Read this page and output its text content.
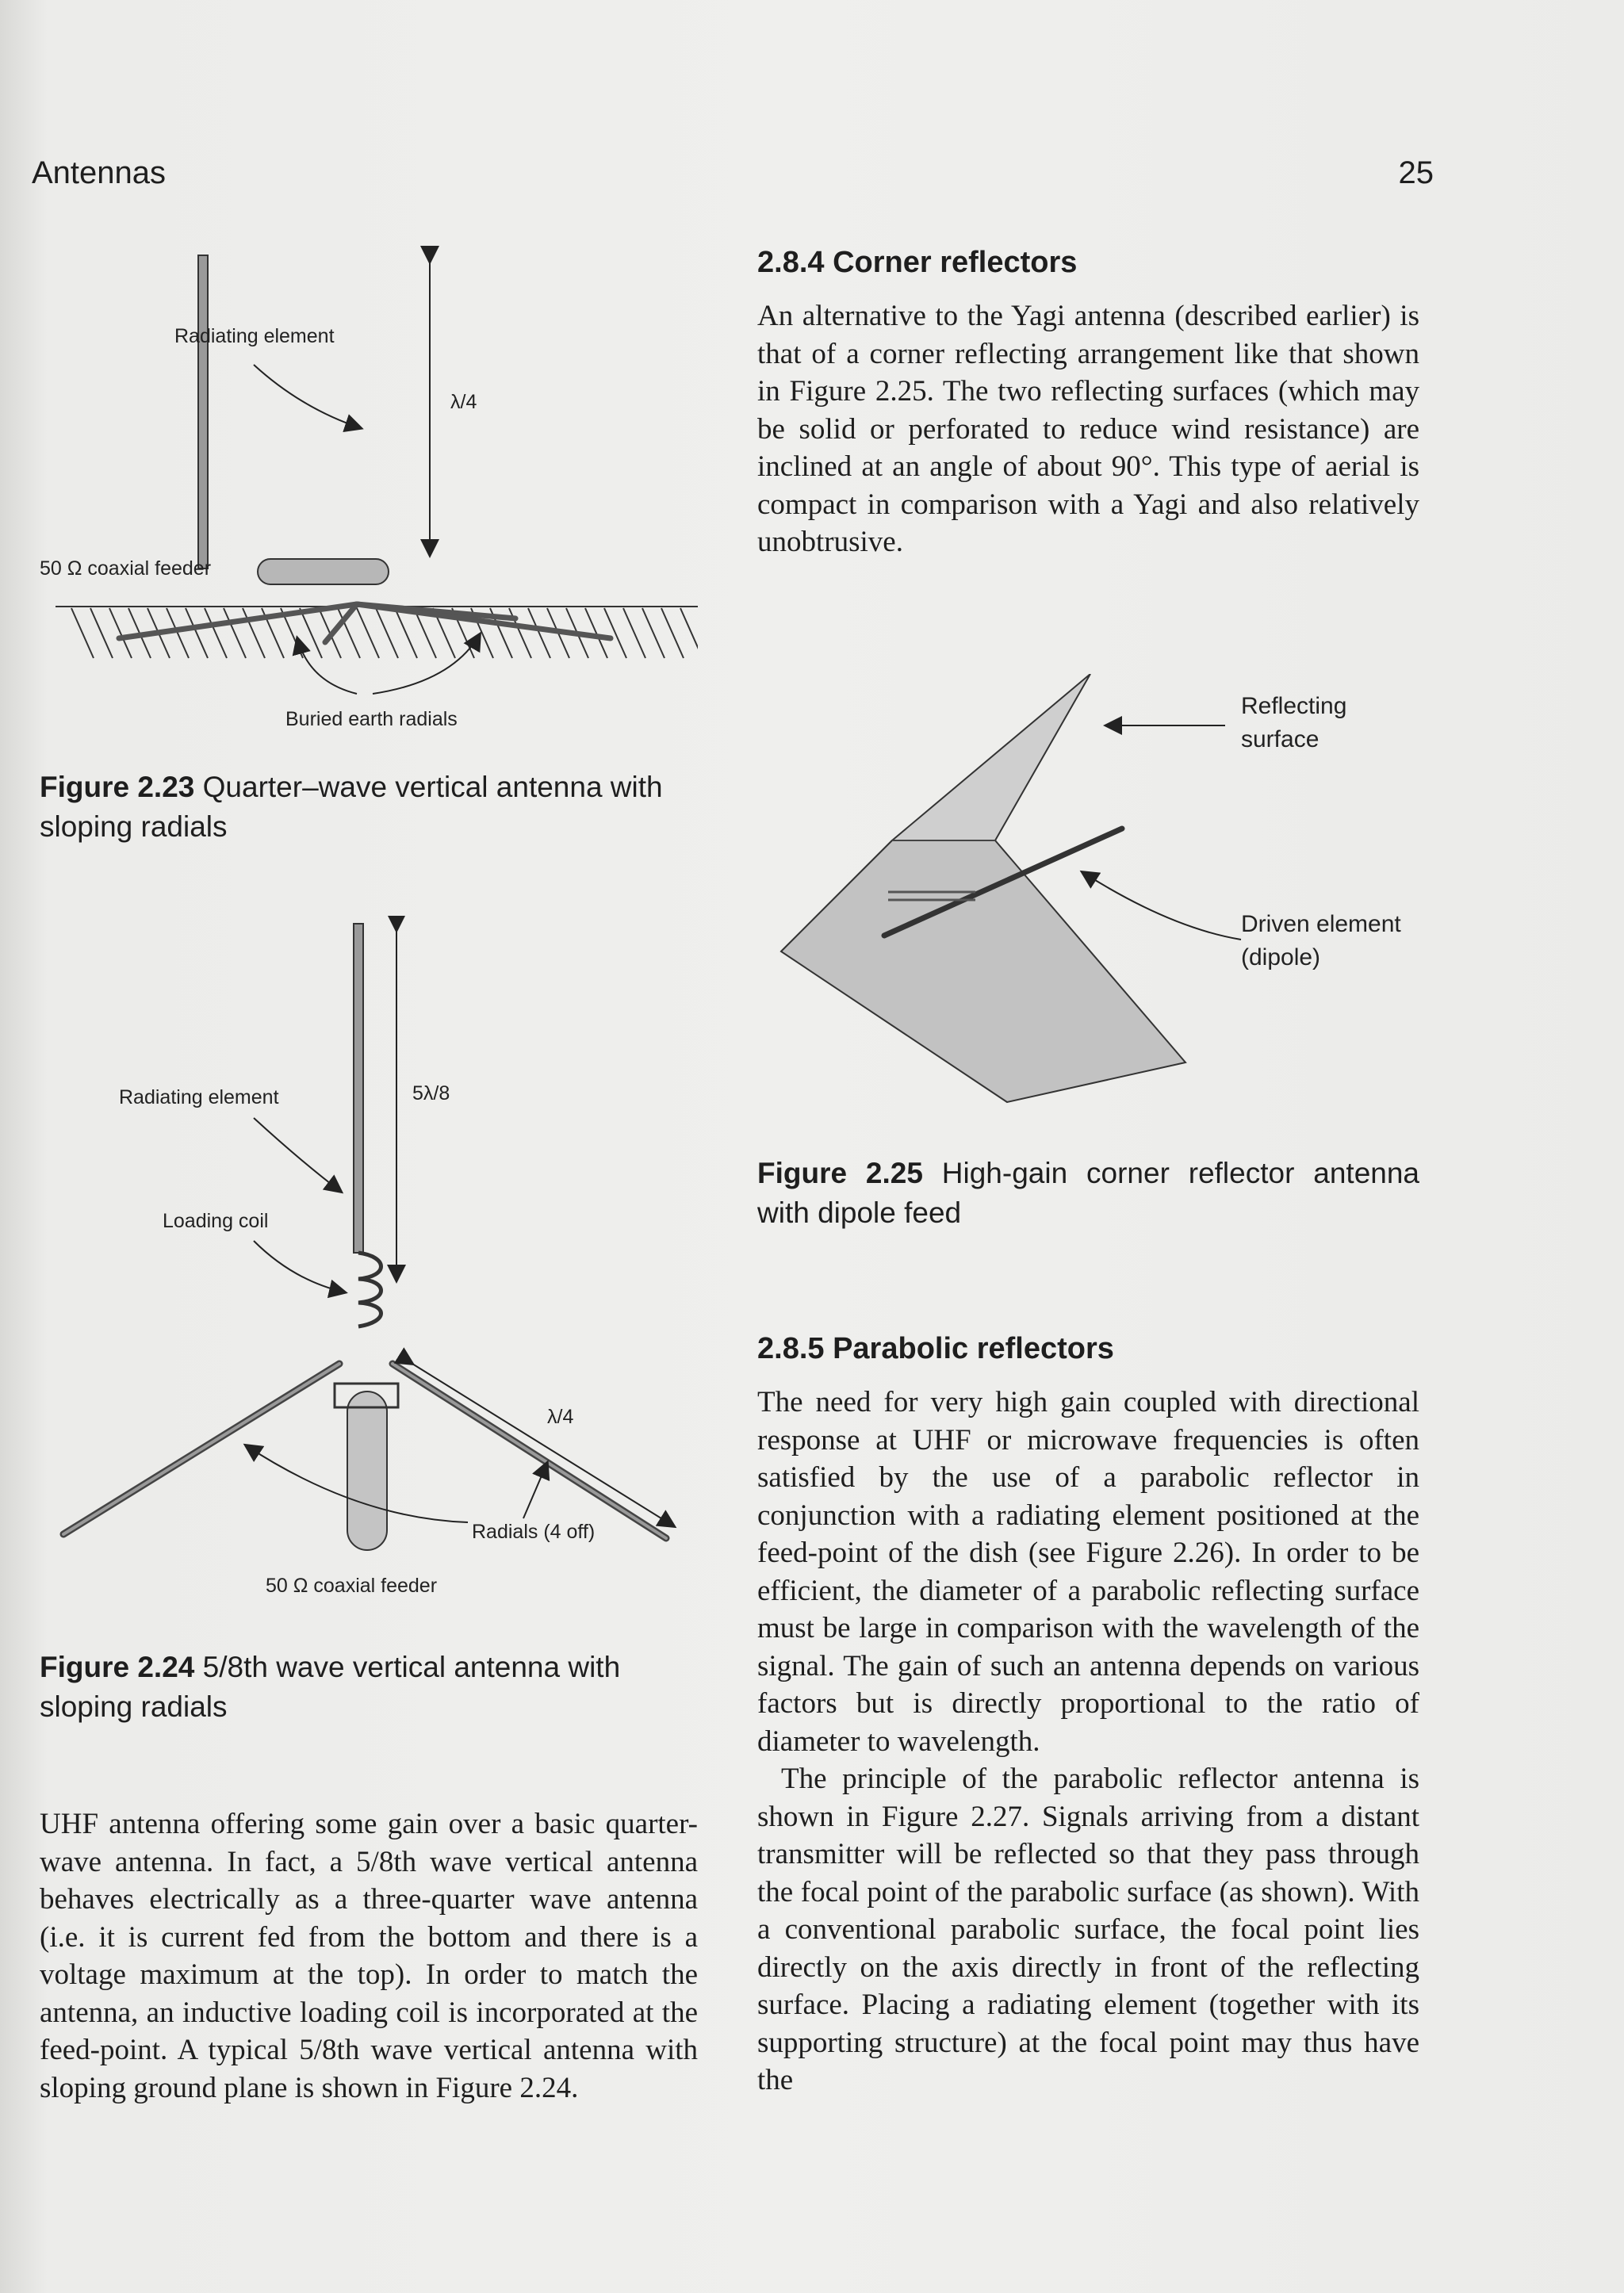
Antennas	25
λ/4
Radiating element
50 Ω coaxial feeder
Buried earth radials
Figure 2.23 Quarter–wave vertical antenna with sloping radials
5λ/8
Radiating element
Loading coil
λ/4
Radials (4 off)
50 Ω coaxial feeder
Figure 2.24 5/8th wave vertical antenna with sloping radials

UHF antenna offering some gain over a basic quarter-wave antenna. In fact, a 5/8th wave vertical antenna behaves electrically as a three-quarter wave antenna (i.e. it is current fed from the bottom and there is a voltage maximum at the top). In order to match the antenna, an inductive loading coil is incorporated at the feed-point. A typical 5/8th wave vertical antenna with sloping ground plane is shown in Figure 2.24.

2.8.4 Corner reflectors

An alternative to the Yagi antenna (described earlier) is that of a corner reflecting arrangement like that shown in Figure 2.25. The two reflecting surfaces (which may be solid or perforated to reduce wind resistance) are inclined at an angle of about 90°. This type of aerial is compact in comparison with a Yagi and also relatively unobtrusive.

Reflecting
surface
Driven element
(dipole)
Figure 2.25 High-gain corner reflector antenna with dipole feed
2.8.5 Parabolic reflectors

The need for very high gain coupled with directional response at UHF or microwave frequencies is often satisfied by the use of a parabolic reflector in conjunction with a radiating element positioned at the feed-point of the dish (see Figure 2.26). In order to be efficient, the diameter of a parabolic reflecting surface must be large in comparison with the wavelength of the signal. The gain of such an antenna depends on various factors but is directly proportional to the ratio of diameter to wavelength.

The principle of the parabolic reflector antenna is shown in Figure 2.27. Signals arriving from a distant transmitter will be reflected so that they pass through the focal point of the parabolic surface (as shown). With a conventional parabolic surface, the focal point lies directly on the axis directly in front of the reflecting surface. Placing a radiating element (together with its supporting structure) at the focal point may thus have the
